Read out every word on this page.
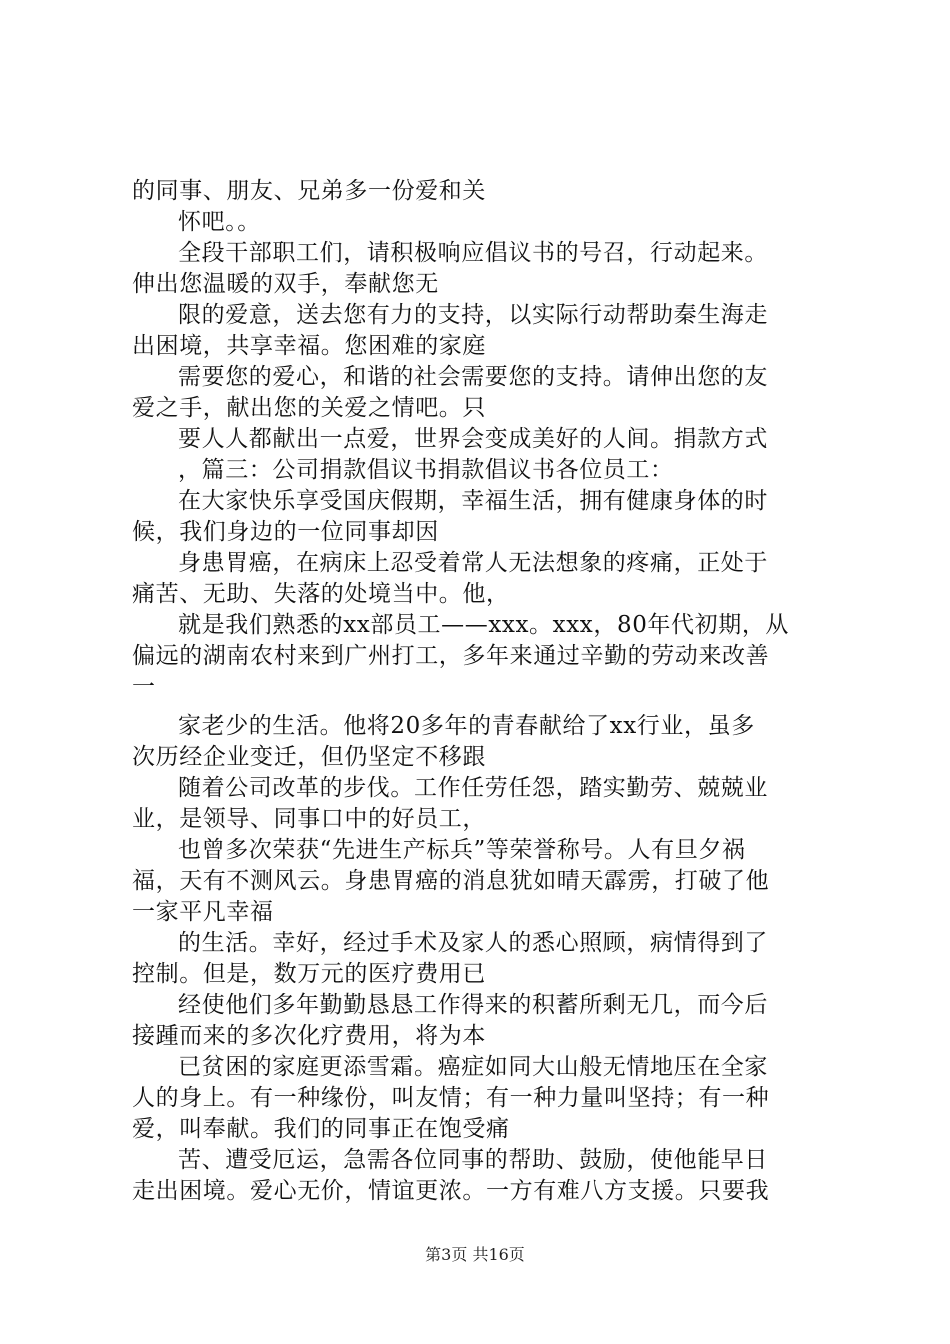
的同事、朋友、兄弟多一份爱和关
怀吧。。
全段干部职工们，请积极响应倡议书的号召，行动起来。
伸出您温暖的双手，奉献您无
限的爱意，送去您有力的支持，以实际行动帮助秦生海走
出困境，共享幸福。您困难的家庭
需要您的爱心，和谐的社会需要您的支持。请伸出您的友
爱之手，献出您的关爱之情吧。只
要人人都献出一点爱，世界会变成美好的人间。捐款方式
，篇三：公司捐款倡议书捐款倡议书各位员工：
在大家快乐享受国庆假期，幸福生活，拥有健康身体的时
候，我们身边的一位同事却因
身患胃癌，在病床上忍受着常人无法想象的疼痛，正处于
痛苦、无助、失落的处境当中。他，
就是我们熟悉的xx部员工——xxx。xxx，80年代初期，从
偏远的湖南农村来到广州打工，多年来通过辛勤的劳动来改善
一
家老少的生活。他将20多年的青春献给了xx行业，虽多
次历经企业变迁，但仍坚定不移跟
随着公司改革的步伐。工作任劳任怨，踏实勤劳、兢兢业
业，是领导、同事口中的好员工，
也曾多次荣获“先进生产标兵”等荣誉称号。人有旦夕祸
福，天有不测风云。身患胃癌的消息犹如晴天霹雳，打破了他
一家平凡幸福
的生活。幸好，经过手术及家人的悉心照顾，病情得到了
控制。但是，数万元的医疗费用已
经使他们多年勤勤恳恳工作得来的积蓄所剩无几，而今后
接踵而来的多次化疗费用，将为本
已贫困的家庭更添雪霜。癌症如同大山般无情地压在全家
人的身上。有一种缘份，叫友情；有一种力量叫坚持；有一种
爱，叫奉献。我们的同事正在饱受痛
苦、遭受厄运，急需各位同事的帮助、鼓励，使他能早日
走出困境。爱心无价，情谊更浓。一方有难八方支援。只要我
第3页 共16页
